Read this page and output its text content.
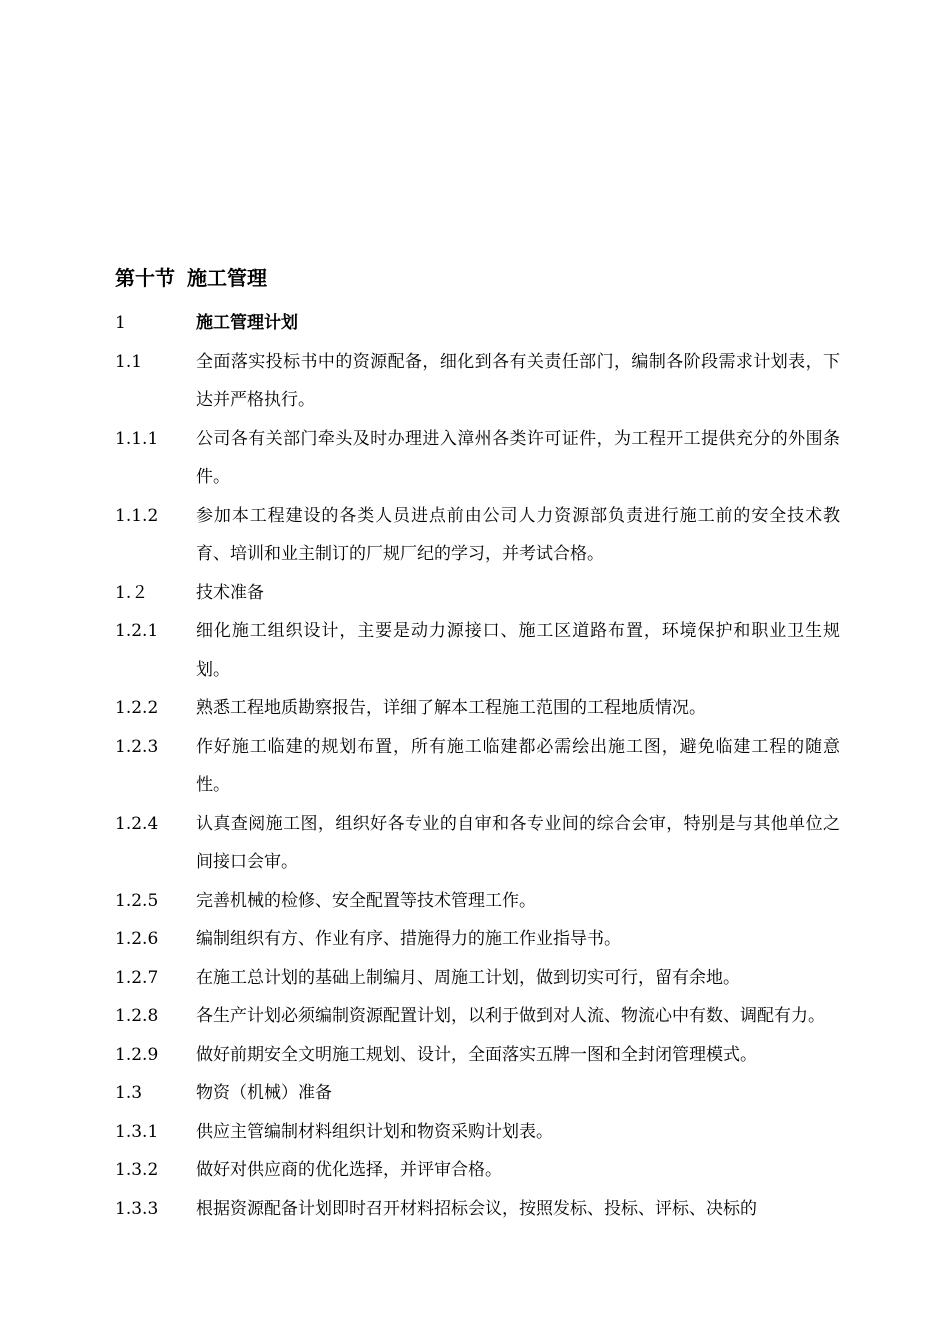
第十节 施工管理
1	施工管理计划
1.1	全面落实投标书中的资源配备，细化到各有关责任部门，编制各阶段需求计划表，下达并严格执行。
1.1.1	公司各有关部门牵头及时办理进入漳州各类许可证件，为工程开工提供充分的外围条件。
1.1.2	参加本工程建设的各类人员进点前由公司人力资源部负责进行施工前的安全技术教育、培训和业主制订的厂规厂纪的学习，并考试合格。
1.２	技术准备
1.2.1	细化施工组织设计，主要是动力源接口、施工区道路布置，环境保护和职业卫生规划。
1.2.2	熟悉工程地质勘察报告，详细了解本工程施工范围的工程地质情况。
1.2.3	作好施工临建的规划布置，所有施工临建都必需绘出施工图，避免临建工程的随意性。
1.2.4	认真查阅施工图，组织好各专业的自审和各专业间的综合会审，特别是与其他单位之间接口会审。
1.2.5	完善机械的检修、安全配置等技术管理工作。
1.2.6	编制组织有方、作业有序、措施得力的施工作业指导书。
1.2.7	在施工总计划的基础上制编月、周施工计划，做到切实可行，留有余地。
1.2.8	各生产计划必须编制资源配置计划，以利于做到对人流、物流心中有数、调配有力。
1.2.9	做好前期安全文明施工规划、设计，全面落实五牌一图和全封闭管理模式。
1.3	物资（机械）准备
1.3.1	供应主管编制材料组织计划和物资采购计划表。
1.3.2	做好对供应商的优化选择，并评审合格。
1.3.3	根据资源配备计划即时召开材料招标会议，按照发标、投标、评标、决标的
